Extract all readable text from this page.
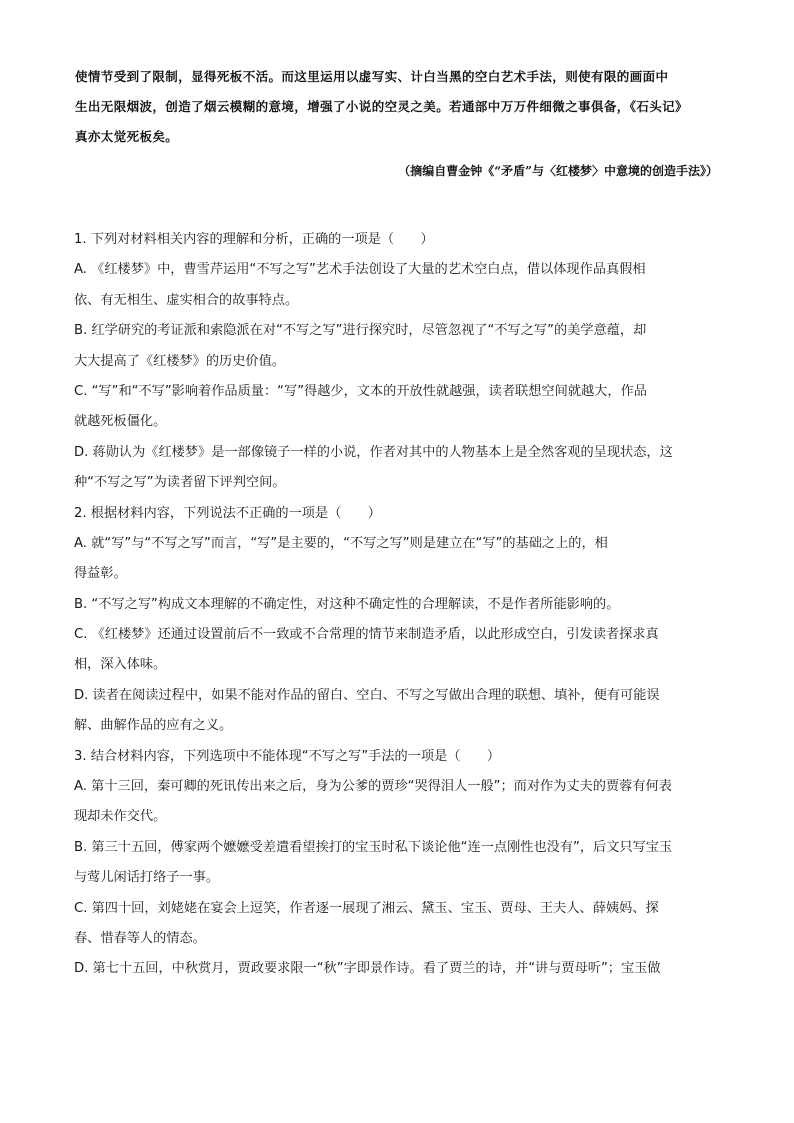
使情节受到了限制，显得死板不活。而这里运用以虚写实、计白当黑的空白艺术手法，则使有限的画面中

生出无限烟波，创造了烟云模糊的意境，增强了小说的空灵之美。若通部中万万件细微之事俱备，《石头记》

真亦太觉死板矣。

（摘编自曹金钟《“矛盾”与〈红楼梦〉中意境的创造手法》）
1. 下列对材料相关内容的理解和分析，正确的一项是（　　）
A. 《红楼梦》中，曹雪芹运用“不写之写”艺术手法创设了大量的艺术空白点，借以体现作品真假相
依、有无相生、虚实相合的故事特点。
B. 红学研究的考证派和索隐派在对“不写之写”进行探究时，尽管忽视了“不写之写”的美学意蕴，却
大大提高了《红楼梦》的历史价值。
C. “写”和“不写”影响着作品质量：“写”得越少，文本的开放性就越强，读者联想空间就越大，作品
就越死板僵化。
D. 蒋勋认为《红楼梦》是一部像镜子一样的小说，作者对其中的人物基本上是全然客观的呈现状态，这
种“不写之写”为读者留下评判空间。
2. 根据材料内容，下列说法不正确的一项是（　　）
A. 就“写”与“不写之写”而言，“写”是主要的，“不写之写”则是建立在“写”的基础之上的，相
得益彰。
B. “不写之写”构成文本理解的不确定性，对这种不确定性的合理解读，不是作者所能影响的。
C. 《红楼梦》还通过设置前后不一致或不合常理的情节来制造矛盾，以此形成空白，引发读者探求真
相，深入体味。
D. 读者在阅读过程中，如果不能对作品的留白、空白、不写之写做出合理的联想、填补，便有可能误
解、曲解作品的应有之义。
3. 结合材料内容，下列选项中不能体现“不写之写”手法的一项是（　　）
A. 第十三回，秦可卿的死讯传出来之后，身为公爹的贾珍“哭得泪人一般”；而对作为丈夫的贾蓉有何表
现却未作交代。
B. 第三十五回，傅家两个嬷嬷受差遣看望挨打的宝玉时私下谈论他“连一点刚性也没有”，后文只写宝玉
与莺儿闲话打络子一事。
C. 第四十回，刘姥姥在宴会上逗笑，作者逐一展现了湘云、黛玉、宝玉、贾母、王夫人、薛姨妈、探
春、惜春等人的情态。
D. 第七十五回，中秋赏月，贾政要求限一“秋”字即景作诗。看了贾兰的诗，并“讲与贾母听”；宝玉做
